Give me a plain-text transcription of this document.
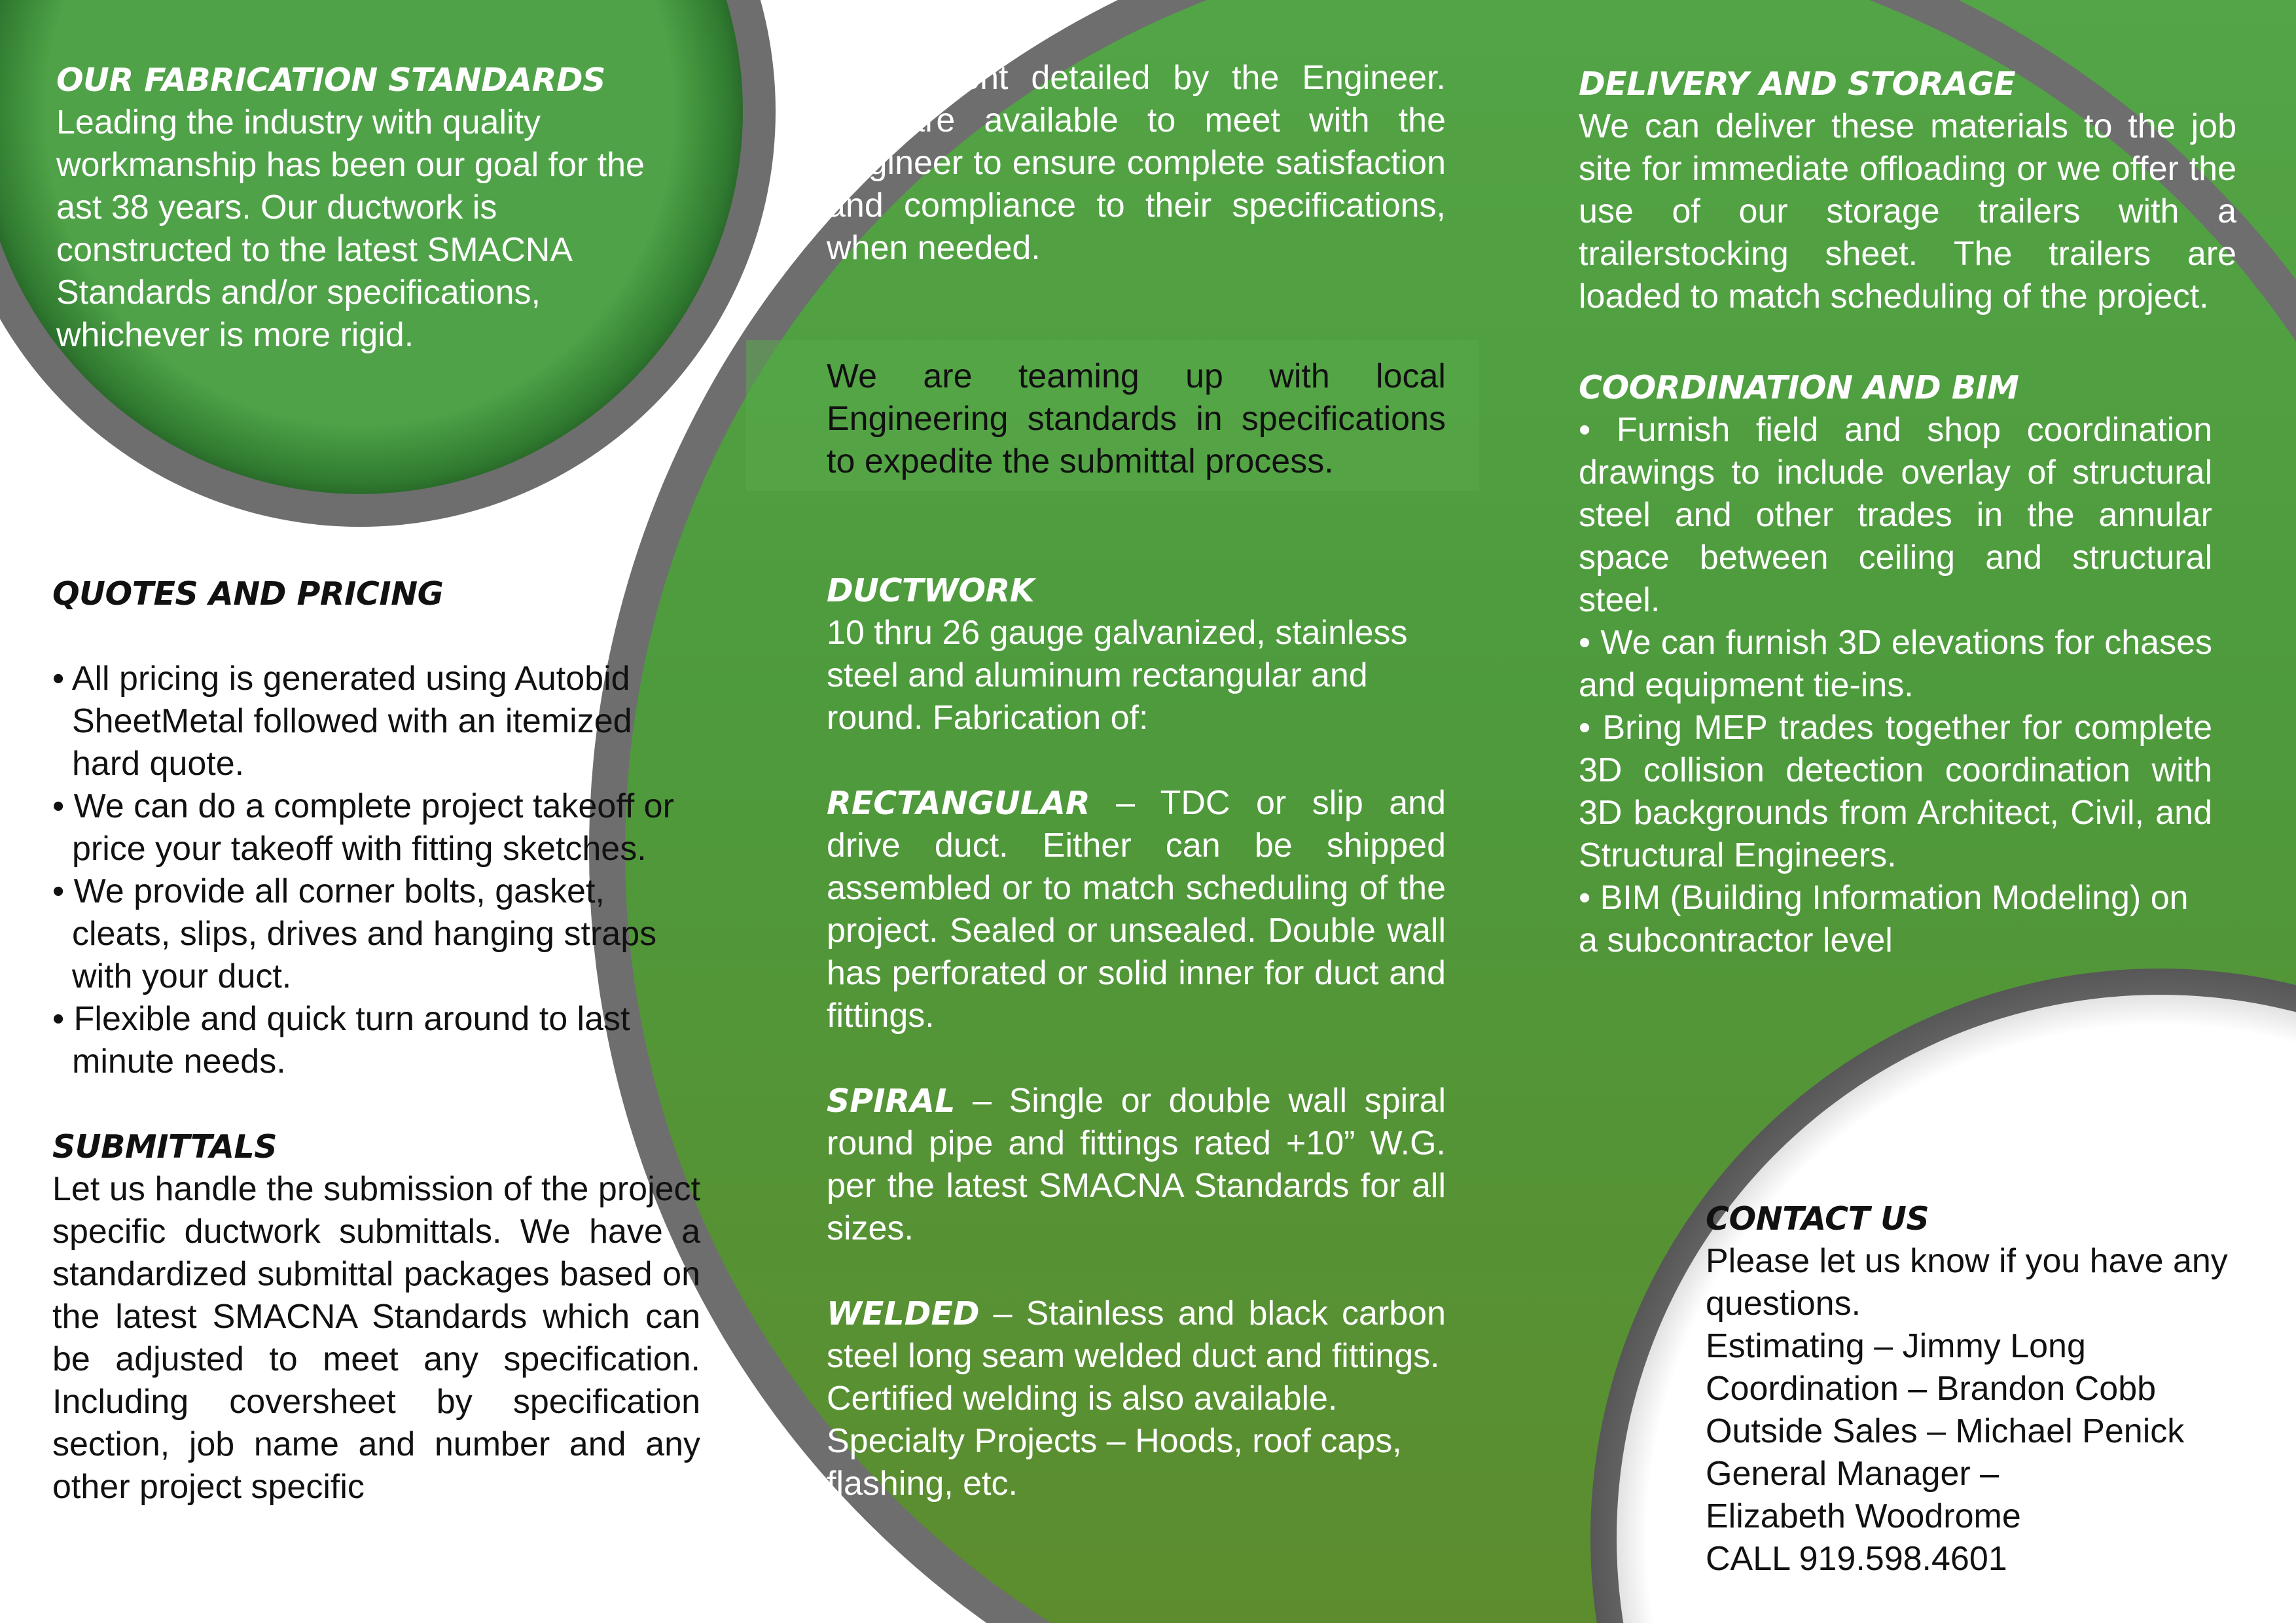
OUR FABRICATION STANDARDS
Leading the industry with quality workmanship has been our goal for the ast 38 years. Our ductwork is constructed to the latest SMACNA Standards and/or specifications, whichever is more rigid.
QUOTES AND PRICING
• All pricing is generated using Autobid SheetMetal followed with an itemized hard quote.
• We can do a complete project takeoff or price your takeoff with fitting sketches.
• We provide all corner bolts, gasket, cleats, slips, drives and hanging straps with your duct.
• Flexible and quick turn around to last minute needs.
SUBMITTALS
Let us handle the submission of the project specific ductwork submittals. We have a standardized submittal packages based on the latest SMACNA Standards which can be adjusted to meet any specification. Including coversheet by specification section, job name and number and any other project specific
requirement detailed by the Engineer. We are available to meet with the Engineer to ensure complete satisfaction and compliance to their specifications, when needed.
We are teaming up with local Engineering standards in specifications to expedite the submittal process.
DUCTWORK
10 thru 26 gauge galvanized, stainless steel and aluminum rectangular and round. Fabrication of:
RECTANGULAR – TDC or slip and drive duct. Either can be shipped assembled or to match scheduling of the project. Sealed or unsealed. Double wall has perforated or solid inner for duct and fittings.
SPIRAL – Single or double wall spiral round pipe and fittings rated +10” W.G. per the latest SMACNA Standards for all sizes.
WELDED – Stainless and black carbon steel long seam welded duct and fittings.
Certified welding is also available.
Specialty Projects – Hoods, roof caps, flashing, etc.
DELIVERY AND STORAGE
We can deliver these materials to the job site for immediate offloading or we offer the use of our storage trailers with a trailerstocking sheet. The trailers are loaded to match scheduling of the project.
COORDINATION AND BIM
• Furnish field and shop coordination drawings to include overlay of structural steel and other trades in the annular space between ceiling and structural steel.
• We can furnish 3D elevations for chases and equipment tie-ins.
• Bring MEP trades together for complete 3D collision detection coordination with 3D backgrounds from Architect, Civil, and Structural Engineers.
• BIM (Building Information Modeling) on a subcontractor level
CONTACT US
Please let us know if you have any questions.
Estimating – Jimmy Long
Coordination – Brandon Cobb
Outside Sales – Michael Penick
General Manager – Elizabeth Woodrome
CALL 919.598.4601
